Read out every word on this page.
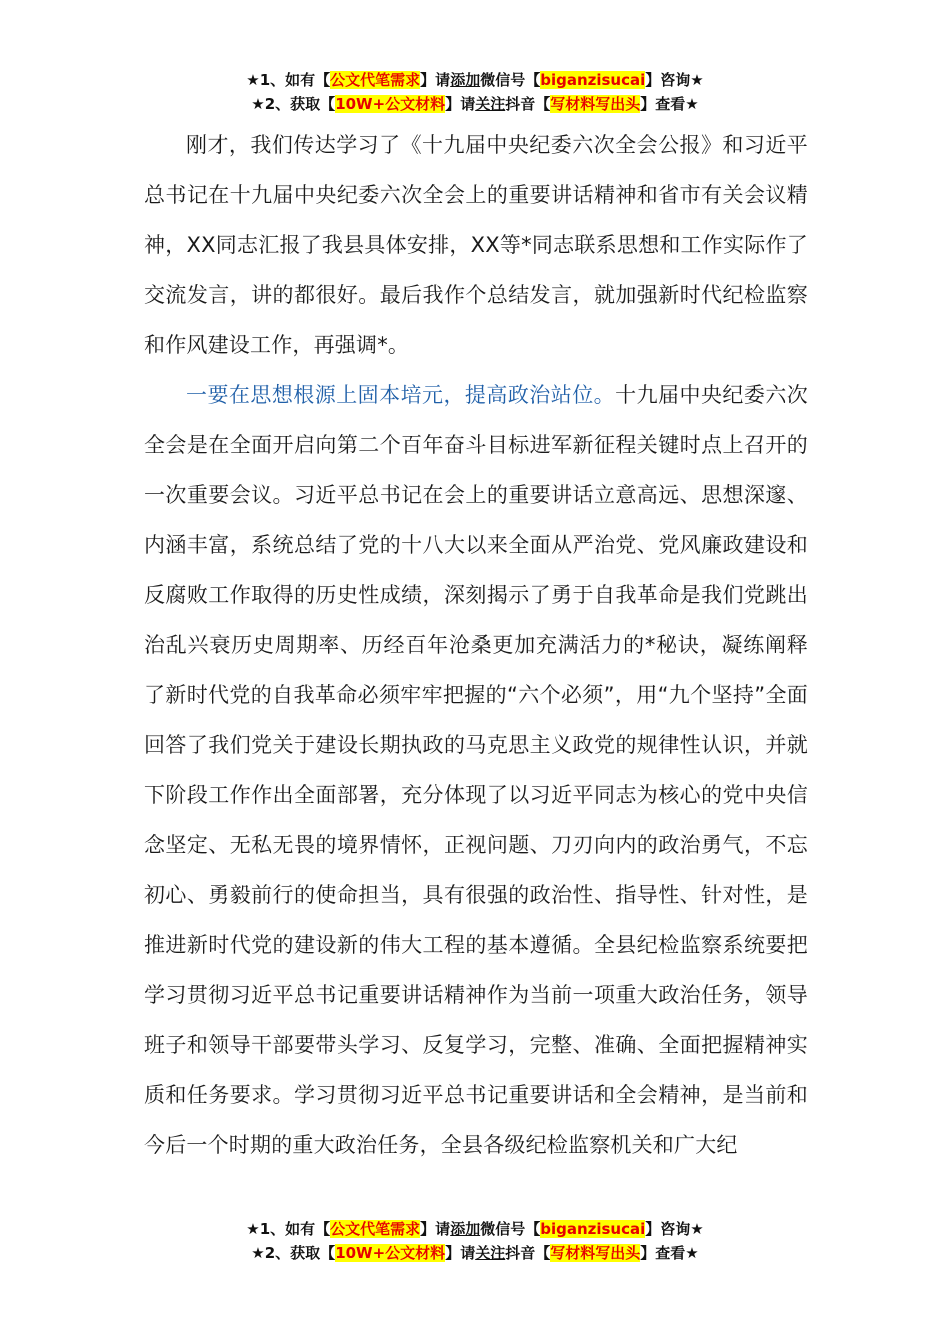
★1、如有【公文代笔需求】请添加微信号【biganzisucai】咨询★
★2、获取【10W+公文材料】请关注抖音【写材料写出头】查看★

刚才，我们传达学习了《十九届中央纪委六次全会公报》和习近平总书记在十九届中央纪委六次全会上的重要讲话精神和省市有关会议精神，XX同志汇报了我县具体安排，XX等*同志联系思想和工作实际作了交流发言，讲的都很好。最后我作个总结发言，就加强新时代纪检监察和作风建设工作，再强调*。

一要在思想根源上固本培元，提高政治站位。十九届中央纪委六次全会是在全面开启向第二个百年奋斗目标进军新征程关键时点上召开的一次重要会议。习近平总书记在会上的重要讲话立意高远、思想深邃、内涵丰富，系统总结了党的十八大以来全面从严治党、党风廉政建设和反腐败工作取得的历史性成绩，深刻揭示了勇于自我革命是我们党跳出治乱兴衰历史周期率、历经百年沧桑更加充满活力的*秘诀，凝练阐释了新时代党的自我革命必须牢牢把握的“六个必须”，用“九个坚持”全面回答了我们党关于建设长期执政的马克思主义政党的规律性认识，并就下阶段工作作出全面部署，充分体现了以习近平同志为核心的党中央信念坚定、无私无畏的境界情怀，正视问题、刀刃向内的政治勇气，不忘初心、勇毅前行的使命担当，具有很强的政治性、指导性、针对性，是推进新时代党的建设新的伟大工程的基本遵循。全县纪检监察系统要把学习贯彻习近平总书记重要讲话精神作为当前一项重大政治任务，领导班子和领导干部要带头学习、反复学习，完整、准确、全面把握精神实质和任务要求。学习贯彻习近平总书记重要讲话和全会精神，是当前和今后一个时期的重大政治任务，全县各级纪检监察机关和广大纪

★1、如有【公文代笔需求】请添加微信号【biganzisucai】咨询★
★2、获取【10W+公文材料】请关注抖音【写材料写出头】查看★
